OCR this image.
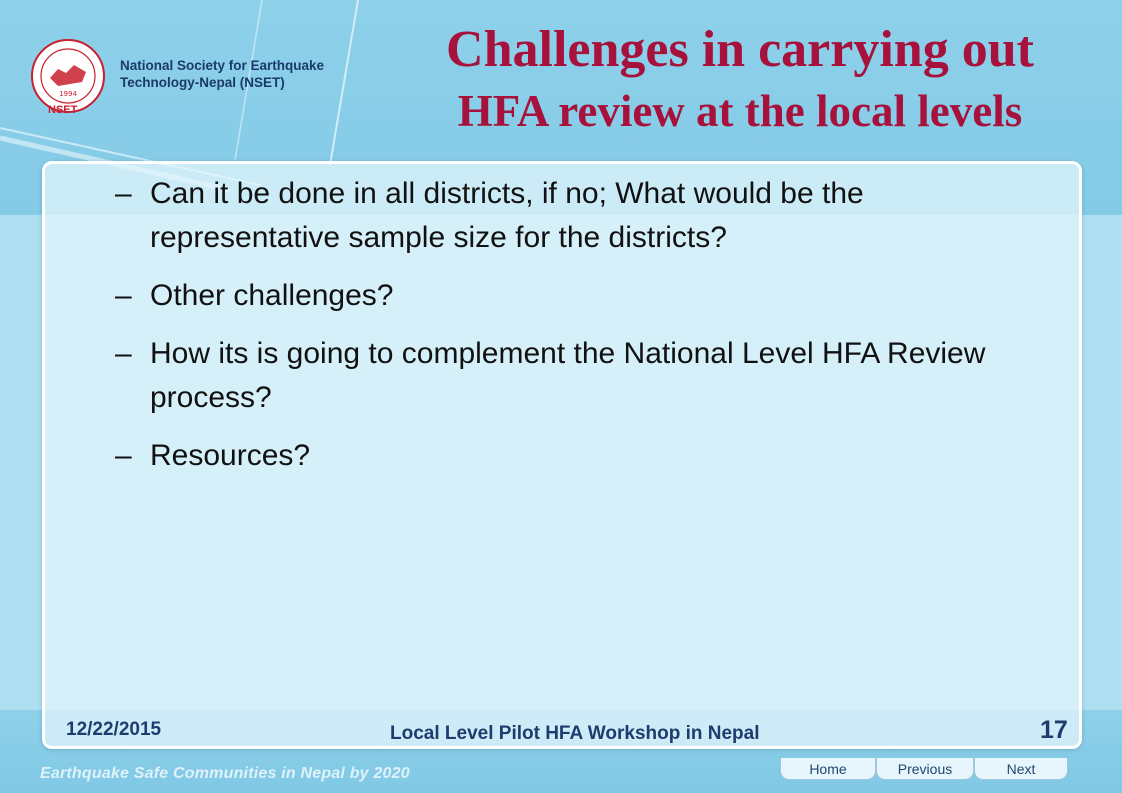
1994
NSET
National Society for Earthquake
Technology-Nepal (NSET)
Challenges in carrying out
HFA review at the local levels
– Can it be done in all districts, if no; What would be the representative sample size for the districts?
– Other challenges?
– How its is going to complement the National Level HFA Review process?
– Resources?
12/22/2015	Local Level Pilot HFA Workshop in Nepal	17
Earthquake Safe Communities in Nepal by 2020	Home	Previous	Next
